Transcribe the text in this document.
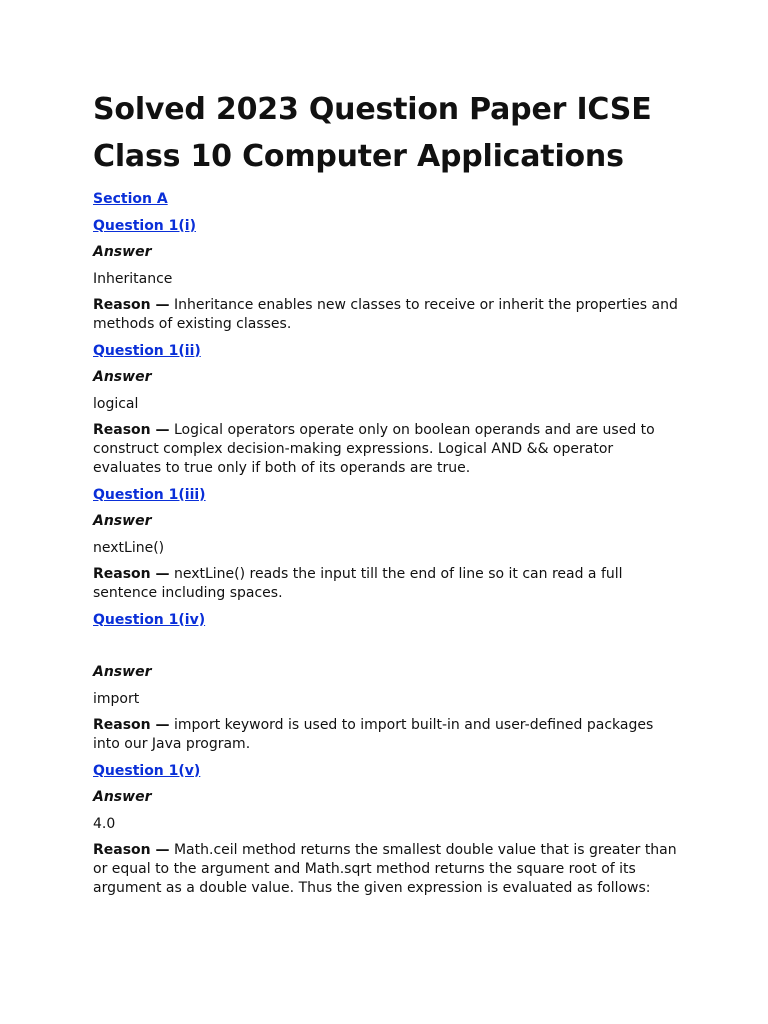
Solved 2023 Question Paper ICSE Class 10 Computer Applications
Section A
Question 1(i)
Answer
Inheritance
Reason — Inheritance enables new classes to receive or inherit the properties and methods of existing classes.
Question 1(ii)
Answer
logical
Reason — Logical operators operate only on boolean operands and are used to construct complex decision-making expressions. Logical AND && operator evaluates to true only if both of its operands are true.
Question 1(iii)
Answer
nextLine()
Reason — nextLine() reads the input till the end of line so it can read a full sentence including spaces.
Question 1(iv)
Answer
import
Reason — import keyword is used to import built-in and user-defined packages into our Java program.
Question 1(v)
Answer
4.0
Reason — Math.ceil method returns the smallest double value that is greater than or equal to the argument and Math.sqrt method returns the square root of its argument as a double value. Thus the given expression is evaluated as follows:
